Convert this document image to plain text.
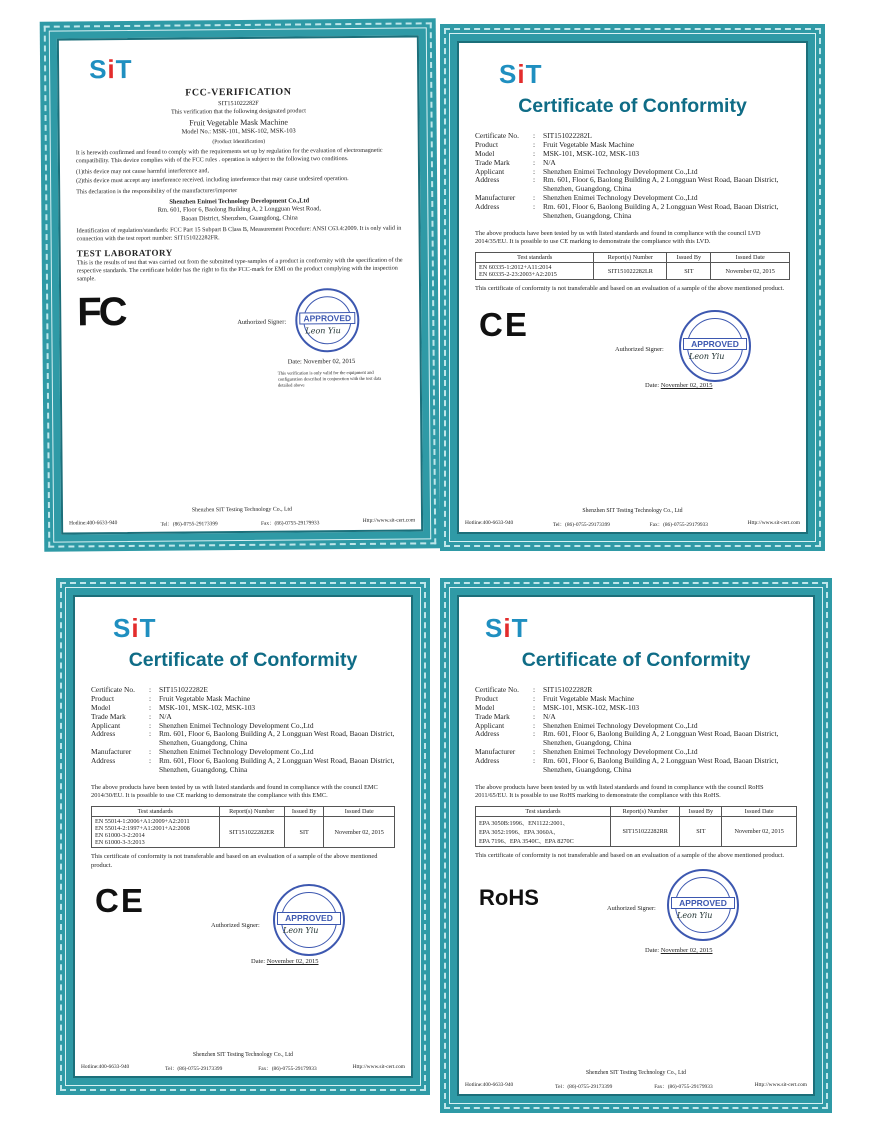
SiT
FCC-VERIFICATION
SIT151022282F
This verification that the following designated product
Fruit Vegetable Mask Machine
Model No.: MSK-101, MSK-102, MSK-103
(Product Identification)

It is herewith confirmed and found to comply with the requirements set up by regulation for the evaluation of electromagnetic compatibility. This device complies with of the FCC rules . operation is subject to the following two conditions.

(1)this device may not cause harmful interference and,

(2)this device must accept any interference received. including interference that may cause undesired operation.

This declaration is the responsibility of the manufacturer/importer

Shenzhen Enimei Technology Development Co.,Ltd
Rm. 601, Floor 6, Baolong Building A, 2 Longguan West Road,
Baoan District, Shenzhen, Guangdong, China

Identification of regulation/standards: FCC Part 15 Subpart B Class B, Measurement Procedure: ANSI C63.4:2009. It is only valid in connection with the test report number: SIT151022282FR.

TEST LABORATORY

This is the results of test that was carried out from the submitted type-samples of a product in conformity with the specification of the respective standards. The certificate holder has the right to fix the FCC-mark for EMI on the product complying with the inspection sample.

FC	Authorized Signer:	APPROVED
Leon Yiu
Date: November 02, 2015
This verification is only valid for the equipment and configuration described in conjunction with the test data detailed above
Shenzhen SIT Testing Technology Co., Ltd
Hotline:400-6633-940	Tel：(86)-0755-29173399	Fax：(86)-0755-29179933	Http://www.sit-cert.com
SiT
Certificate of Conformity
Certificate No.	:	SIT151022282L
Product	:	Fruit Vegetable Mask Machine
Model	:	MSK-101, MSK-102, MSK-103
Trade Mark	:	N/A
Applicant	:	Shenzhen Enimei Technology Development Co.,Ltd
Address	:	Rm. 601, Floor 6, Baolong Building A, 2 Longguan West Road, Baoan District, Shenzhen, Guangdong, China
Manufacturer	:	Shenzhen Enimei Technology Development Co.,Ltd
Address	:	Rm. 601, Floor 6, Baolong Building A, 2 Longguan West Road, Baoan District, Shenzhen, Guangdong, China
The above products have been tested by us with listed standards and found in compliance with the council LVD 2014/35/EU. It is possible to use CE marking to demonstrate the compliance with this LVD.
Test standards	Report(s) Number	Issued By	Issued Date

EN 60335-1:2012+A11:2014
EN 60335-2-23:2003+A2:2015	SIT151022282LR	SIT	November 02, 2015
This certificate of conformity is not transferable and based on an evaluation of a sample of the above mentioned product.
CE
Authorized Signer:
APPROVED
Leon Yiu
Date: November 02, 2015
Shenzhen SIT Testing Technology Co., Ltd
Hotline:400-6633-940	Tel：(86)-0755-29173399	Fax：(86)-0755-29179933	Http://www.sit-cert.com
SiT
Certificate of Conformity
Certificate No.	:	SIT151022282E
Product	:	Fruit Vegetable Mask Machine
Model	:	MSK-101, MSK-102, MSK-103
Trade Mark	:	N/A
Applicant	:	Shenzhen Enimei Technology Development Co.,Ltd
Address	:	Rm. 601, Floor 6, Baolong Building A, 2 Longguan West Road, Baoan District, Shenzhen, Guangdong, China
Manufacturer	:	Shenzhen Enimei Technology Development Co.,Ltd
Address	:	Rm. 601, Floor 6, Baolong Building A, 2 Longguan West Road, Baoan District, Shenzhen, Guangdong, China
The above products have been tested by us with listed standards and found in compliance with the council EMC 2014/30/EU. It is possible to use CE marking to demonstrate the compliance with this EMC.
Test standards	Report(s) Number	Issued By	Issued Date

EN 55014-1:2006+A1:2009+A2:2011
EN 55014-2:1997+A1:2001+A2:2008
EN 61000-3-2:2014
EN 61000-3-3:2013	SIT151022282ER	SIT	November 02, 2015
This certificate of conformity is not transferable and based on an evaluation of a sample of the above mentioned product.
CE
Authorized Signer:
APPROVED
Leon Yiu
Date: November 02, 2015
Shenzhen SIT Testing Technology Co., Ltd
Hotline:400-6633-940	Tel：(86)-0755-29173399	Fax：(86)-0755-29179933	Http://www.sit-cert.com
SiT
Certificate of Conformity
Certificate No.	:	SIT151022282R
Product	:	Fruit Vegetable Mask Machine
Model	:	MSK-101, MSK-102, MSK-103
Trade Mark	:	N/A
Applicant	:	Shenzhen Enimei Technology Development Co.,Ltd
Address	:	Rm. 601, Floor 6, Baolong Building A, 2 Longguan West Road, Baoan District, Shenzhen, Guangdong, China
Manufacturer	:	Shenzhen Enimei Technology Development Co.,Ltd
Address	:	Rm. 601, Floor 6, Baolong Building A, 2 Longguan West Road, Baoan District, Shenzhen, Guangdong, China
The above products have been tested by us with listed standards and found in compliance with the council RoHS 2011/65/EU. It is possible to use RoHS marking to demonstrate the compliance with this RoHS.
Test standards	Report(s) Number	Issued By	Issued Date

EPA 3050B:1996、EN1122:2001、
EPA 3052:1996、EPA 3060A、
EPA 7196、EPA 3540C、EPA 8270C	SIT151022282RR	SIT	November 02, 2015
This certificate of conformity is not transferable and based on an evaluation of a sample of the above mentioned product.
RoHS	Authorized Signer:
APPROVED
Leon Yiu
Date: November 02, 2015
Shenzhen SIT Testing Technology Co., Ltd
Hotline:400-6633-940	Tel：(86)-0755-29173399	Fax：(86)-0755-29179933	Http://www.sit-cert.com
